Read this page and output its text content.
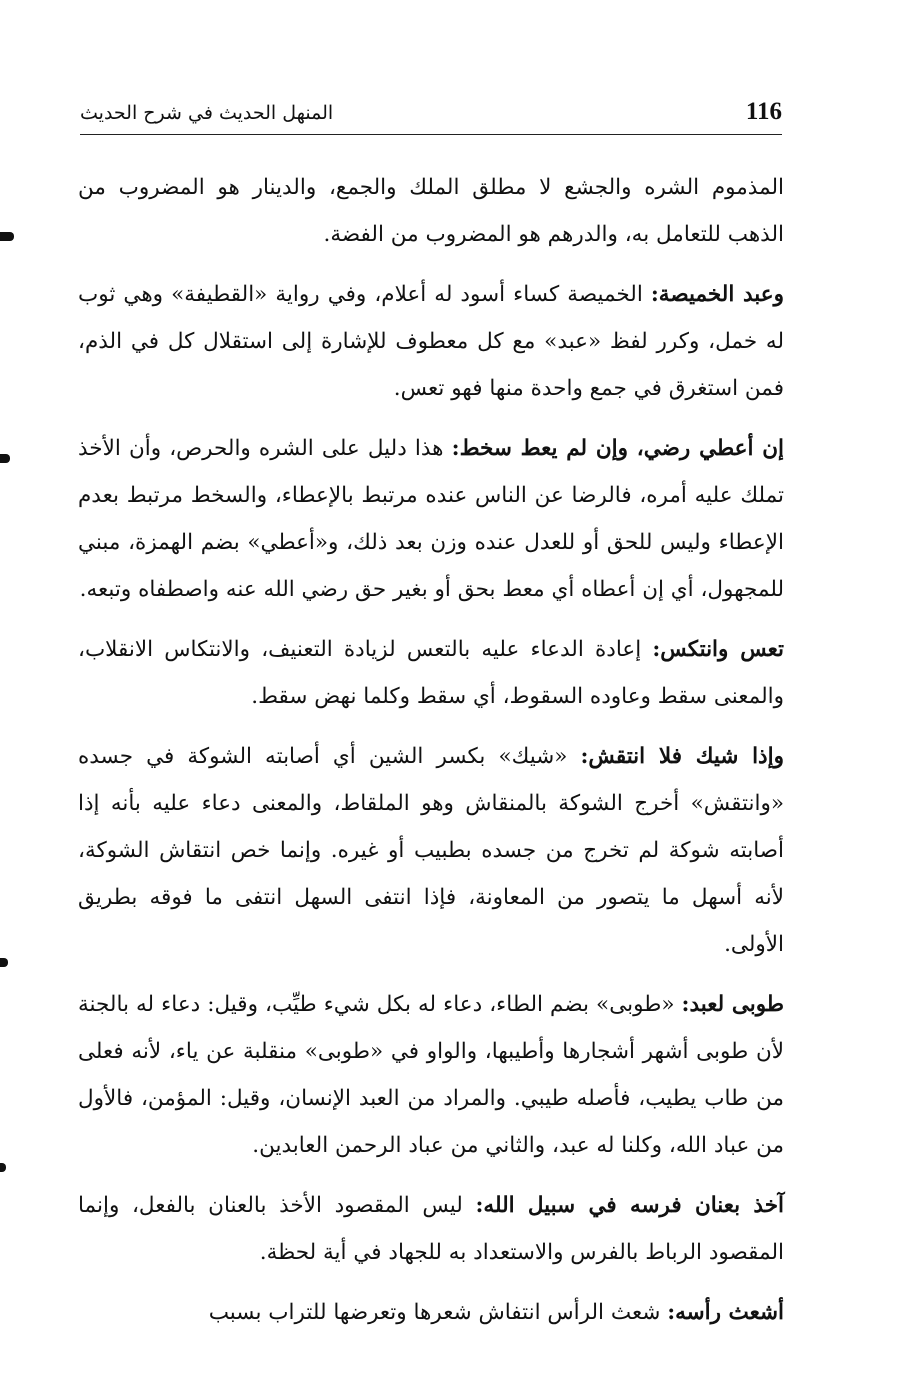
116
المنهل الحديث في شرح الحديث

المذموم الشره والجشع لا مطلق الملك والجمع، والدينار هو المضروب من الذهب للتعامل به، والدرهم هو المضروب من الفضة.

وعبد الخميصة: الخميصة كساء أسود له أعلام، وفي رواية «القطيفة» وهي ثوب له خمل، وكرر لفظ «عبد» مع كل معطوف للإشارة إلى استقلال كل في الذم، فمن استغرق في جمع واحدة منها فهو تعس.

إن أعطي رضي، وإن لم يعط سخط: هذا دليل على الشره والحرص، وأن الأخذ تملك عليه أمره، فالرضا عن الناس عنده مرتبط بالإعطاء، والسخط مرتبط بعدم الإعطاء وليس للحق أو للعدل عنده وزن بعد ذلك، و«أعطي» بضم الهمزة، مبني للمجهول، أي إن أعطاه أي معط بحق أو بغير حق رضي الله عنه واصطفاه وتبعه.

تعس وانتكس: إعادة الدعاء عليه بالتعس لزيادة التعنيف، والانتكاس الانقلاب، والمعنى سقط وعاوده السقوط، أي سقط وكلما نهض سقط.

وإذا شيك فلا انتقش: «شيك» بكسر الشين أي أصابته الشوكة في جسده «وانتقش» أخرج الشوكة بالمنقاش وهو الملقاط، والمعنى دعاء عليه بأنه إذا أصابته شوكة لم تخرج من جسده بطبيب أو غيره. وإنما خص انتقاش الشوكة، لأنه أسهل ما يتصور من المعاونة، فإذا انتفى السهل انتفى ما فوقه بطريق الأولى.

طوبى لعبد: «طوبى» بضم الطاء، دعاء له بكل شيء طيِّب، وقيل: دعاء له بالجنة لأن طوبى أشهر أشجارها وأطيبها، والواو في «طوبى» منقلبة عن ياء، لأنه فعلى من طاب يطيب، فأصله طيبي. والمراد من العبد الإنسان، وقيل: المؤمن، فالأول من عباد الله، وكلنا له عبد، والثاني من عباد الرحمن العابدين.

آخذ بعنان فرسه في سبيل الله: ليس المقصود الأخذ بالعنان بالفعل، وإنما المقصود الرباط بالفرس والاستعداد به للجهاد في أية لحظة.

أشعث رأسه: شعث الرأس انتفاش شعرها وتعرضها للتراب بسبب
